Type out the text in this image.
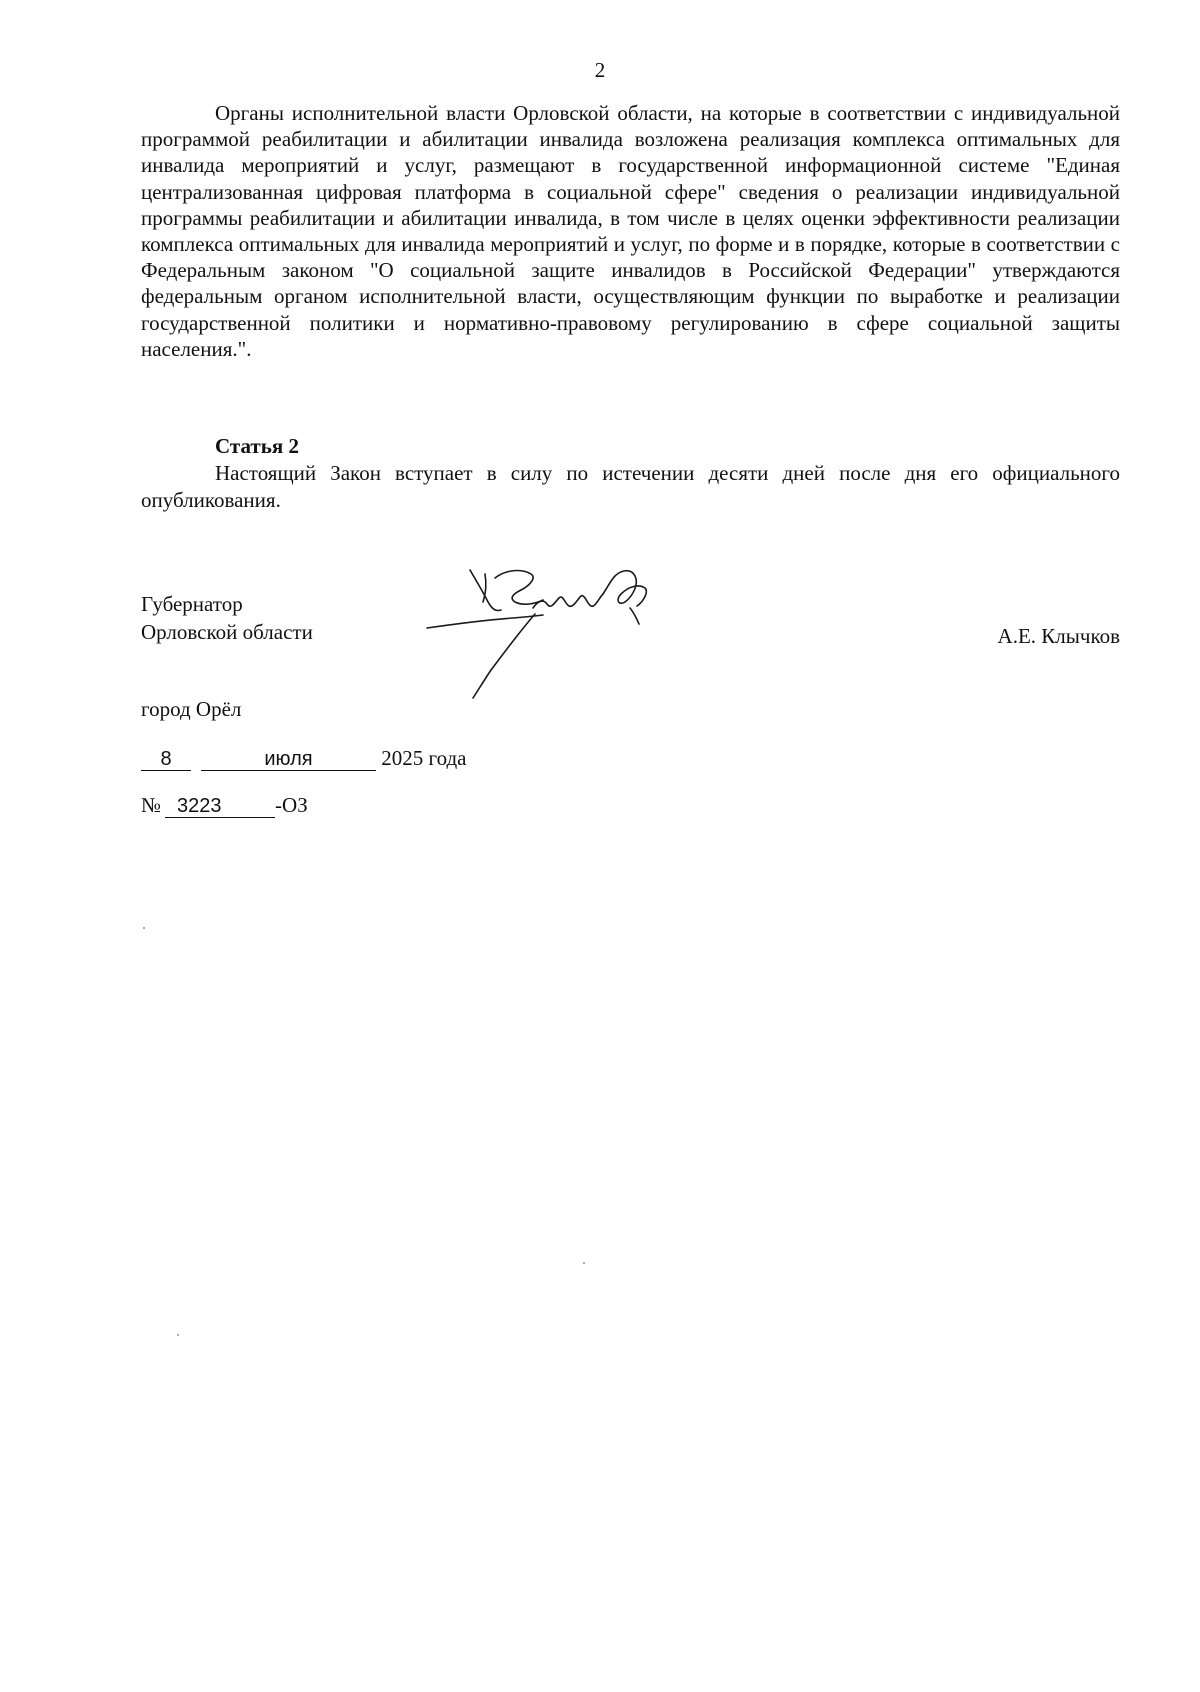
2

Органы исполнительной власти Орловской области, на которые в соответствии с индивидуальной программой реабилитации и абилитации инвалида возложена реализация комплекса оптимальных для инвалида мероприятий и услуг, размещают в государственной информационной системе "Единая централизованная цифровая платформа в социальной сфере" сведения о реализации индивидуальной программы реабилитации и абилитации инвалида, в том числе в целях оценки эффективности реализации комплекса оптимальных для инвалида мероприятий и услуг, по форме и в порядке, которые в соответствии с Федеральным законом "О социальной защите инвалидов в Российской Федерации" утверждаются федеральным органом исполнительной власти, осуществляющим функции по выработке и реализации государственной политики и нормативно-правовому регулированию в сфере социальной защиты населения.".

Статья 2

Настоящий Закон вступает в силу по истечении десяти дней после дня его официального опубликования.

Губернатор
Орловской области	А.Е. Клычков

город Орёл

8	июля	2025 года
№ 3223	-ОЗ
